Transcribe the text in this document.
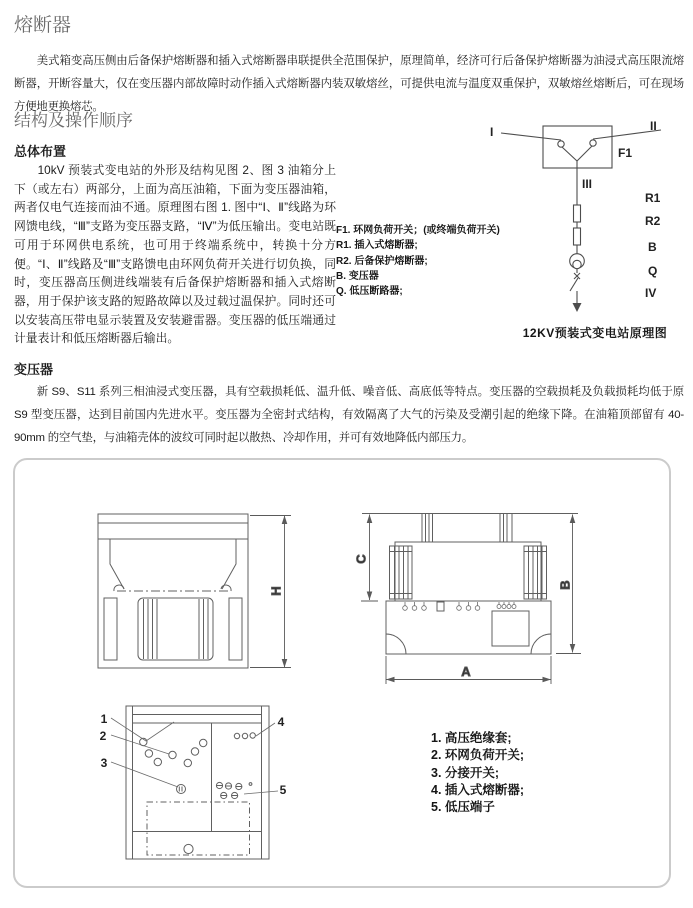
熔断器

美式箱变高压侧由后备保护熔断器和插入式熔断器串联提供全范围保护，原理简单，经济可行后备保护熔断器为油浸式高压限流熔断器，开断容量大，仅在变压器内部故障时动作插入式熔断器内装双敏熔丝，可提供电流与温度双重保护，双敏熔丝熔断后，可在现场方便地更换熔芯。

结构及操作顺序
总体布置

10kV 预装式变电站的外形及结构见图 2、图 3 油箱分上下（或左右）两部分，上面为高压油箱，下面为变压器油箱，两者仅电气连接而油不通。原理图右图 1. 图中“Ⅰ、Ⅱ”线路为环网馈电线，“Ⅲ”支路为变压器支路，“Ⅳ”为低压输出。变电站既可用于环网供电系统，也可用于终端系统中，转换十分方便。“Ⅰ、Ⅱ”线路及“Ⅲ”支路馈电由环网负荷开关进行切负换，同时，变压器高压侧进线端装有后备保护熔断器和插入式熔断器，用于保护该支路的短路故障以及过载过温保护。同时还可以安装高压带电显示装置及安装避雷器。变压器的低压端通过计量表计和低压熔断器后输出。

I	II
F1
III
R1
R2
B
Q
IV
F1. 环网负荷开关；(或终端负荷开关)
R1. 插入式熔断器;
R2. 后备保护熔断器;
B. 变压器
Q. 低压断路器;
12KV预装式变电站原理图
变压器

新 S9、S11 系列三相油浸式变压器，具有空载损耗低、温升低、噪音低、高底低等特点。变压器的空载损耗及负载损耗均低于原 S9 型变压器，达到目前国内先进水平。变压器为全密封式结构，有效隔离了大气的污染及受潮引起的绝缘下降。在油箱顶部留有 40-90mm 的空气垫，与油箱壳体的波纹可同时起以散热、冷却作用，并可有效地降低内部压力。

H
C
B
A
1
2
3
4
5
1. 高压绝缘套;
2. 环网负荷开关;
3. 分接开关;
4. 插入式熔断器;
5. 低压端子
